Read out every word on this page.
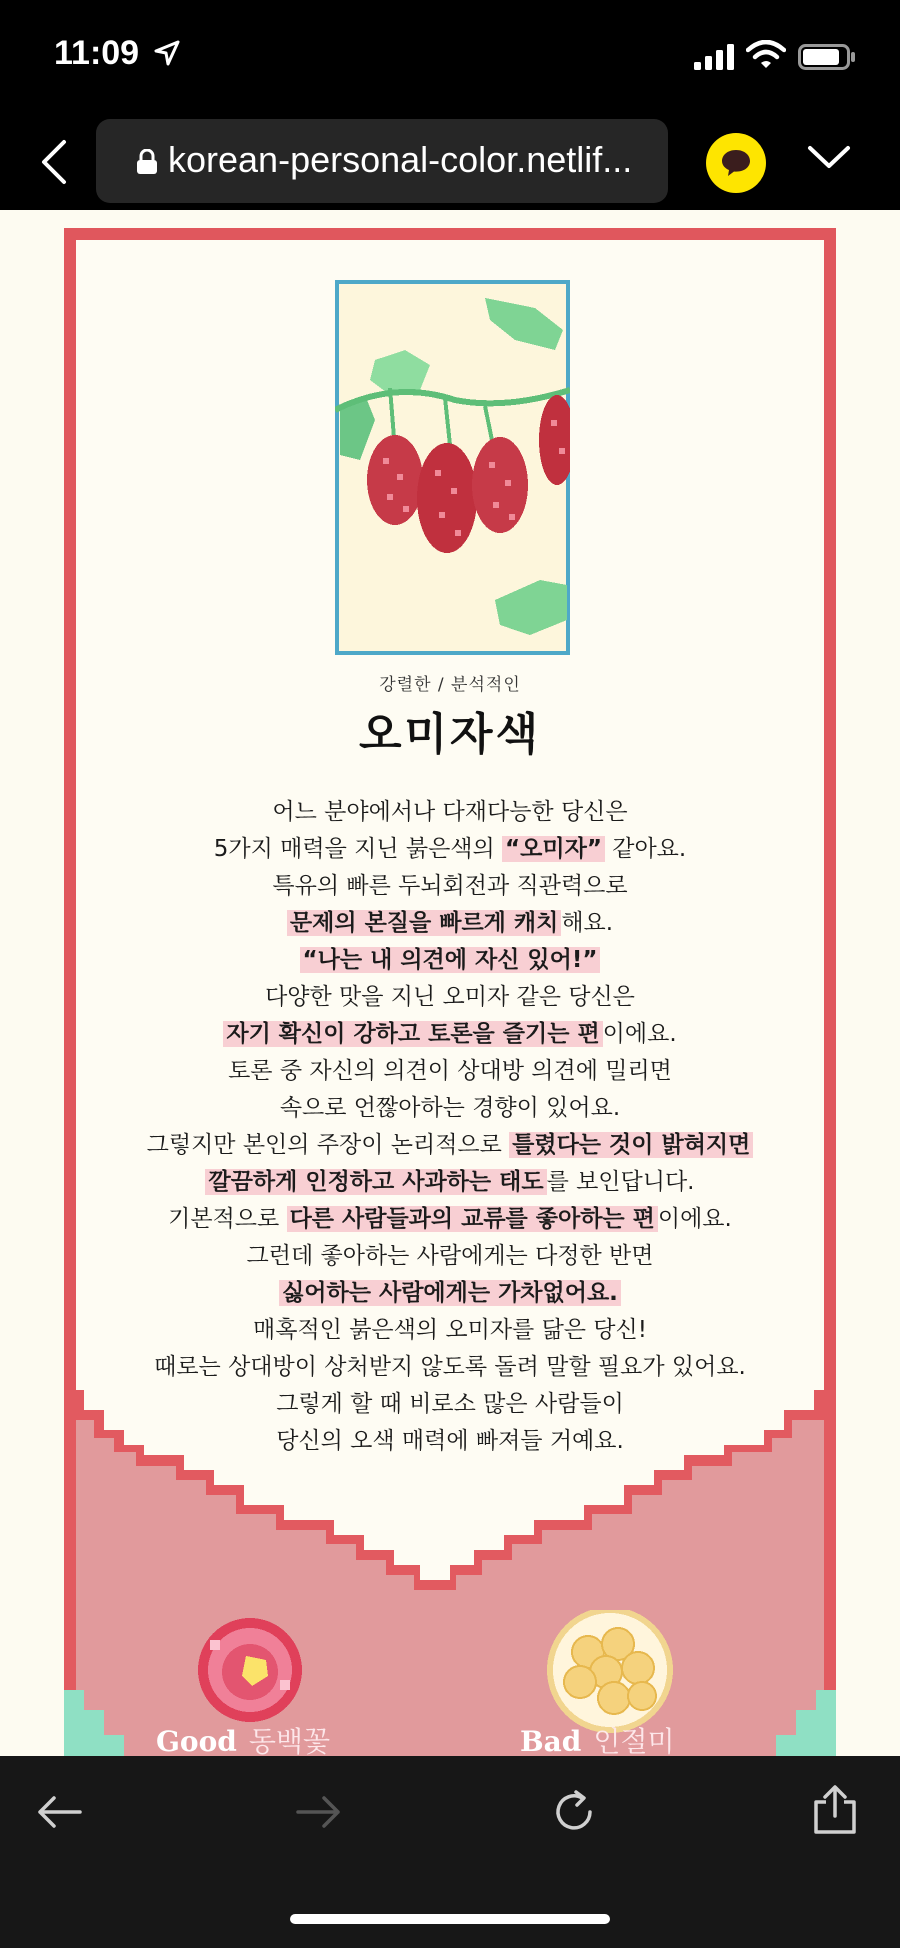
11:09
korean-personal-color.netlif...
강렬한 / 분석적인
오미자색
어느 분야에서나 다재다능한 당신은
5가지 매력을 지닌 붉은색의 “오미자” 같아요.
특유의 빠른 두뇌회전과 직관력으로
문제의 본질을 빠르게 캐치 해요.
“나는 내 의견에 자신 있어!”
다양한 맛을 지닌 오미자 같은 당신은
자기 확신이 강하고 토론을 즐기는 편 이에요.
토론 중 자신의 의견이 상대방 의견에 밀리면
속으로 언짢아하는 경향이 있어요.
그렇지만 본인의 주장이 논리적으로 틀렸다는 것이 밝혀지면
깔끔하게 인정하고 사과하는 태도 를 보인답니다.
기본적으로 다른 사람들과의 교류를 좋아하는 편 이에요.
그런데 좋아하는 사람에게는 다정한 반면
싫어하는 사람에게는 가차없어요.
매혹적인 붉은색의 오미자를 닮은 당신!
때로는 상대방이 상처받지 않도록 돌려 말할 필요가 있어요.
그렇게 할 때 비로소 많은 사람들이
당신의 오색 매력에 빠져들 거예요.
Good 동백꽃	Bad 인절미
